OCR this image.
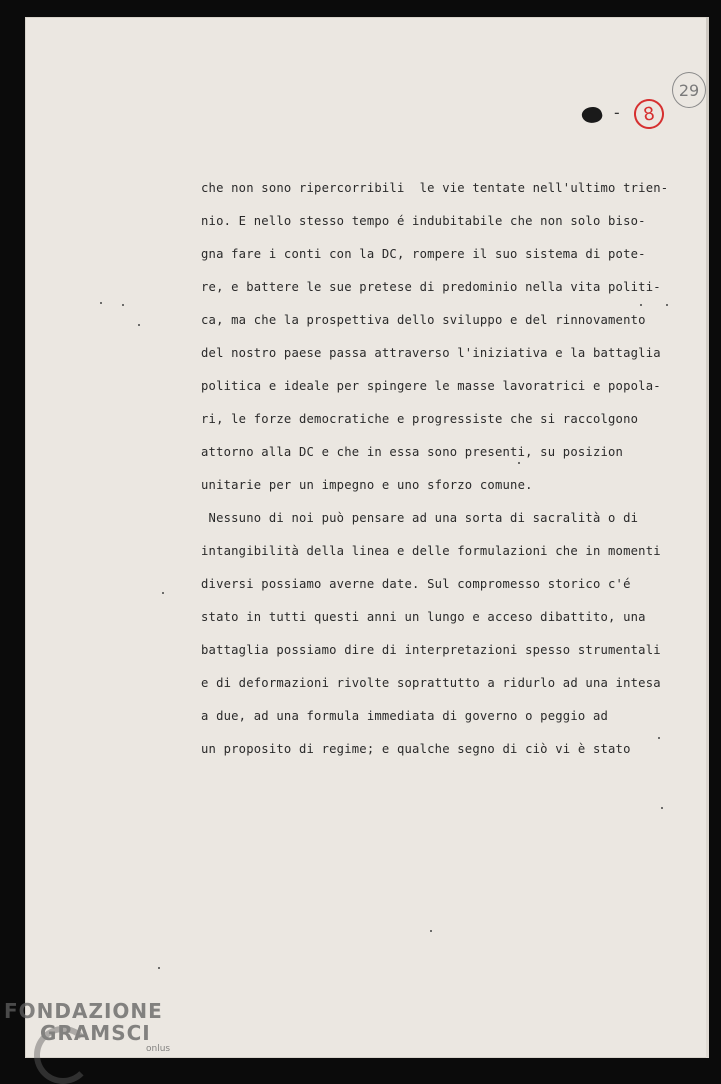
-	8
29
che non sono ripercorribili  le vie tentate nell'ultimo trien-
nio. E nello stesso tempo é indubitabile che non solo biso-
gna fare i conti con la DC, rompere il suo sistema di pote-
re, e battere le sue pretese di predominio nella vita politi-
ca, ma che la prospettiva dello sviluppo e del rinnovamento
del nostro paese passa attraverso l'iniziativa e la battaglia
politica e ideale per spingere le masse lavoratrici e popola-
ri, le forze democratiche e progressiste che si raccolgono
attorno alla DC e che in essa sono presenti, su posizion
unitarie per un impegno e uno sforzo comune.
Nessuno di noi può pensare ad una sorta di sacralità o di
intangibilità della linea e delle formulazioni che in momenti
diversi possiamo averne date. Sul compromesso storico c'é
stato in tutti questi anni un lungo e acceso dibattito, una
battaglia possiamo dire di interpretazioni spesso strumentali
e di deformazioni rivolte soprattutto a ridurlo ad una intesa
a due, ad una formula immediata di governo o peggio ad
un proposito di regime; e qualche segno di ciò vi è stato
FONDAZIONE
GRAMSCI
onlus
